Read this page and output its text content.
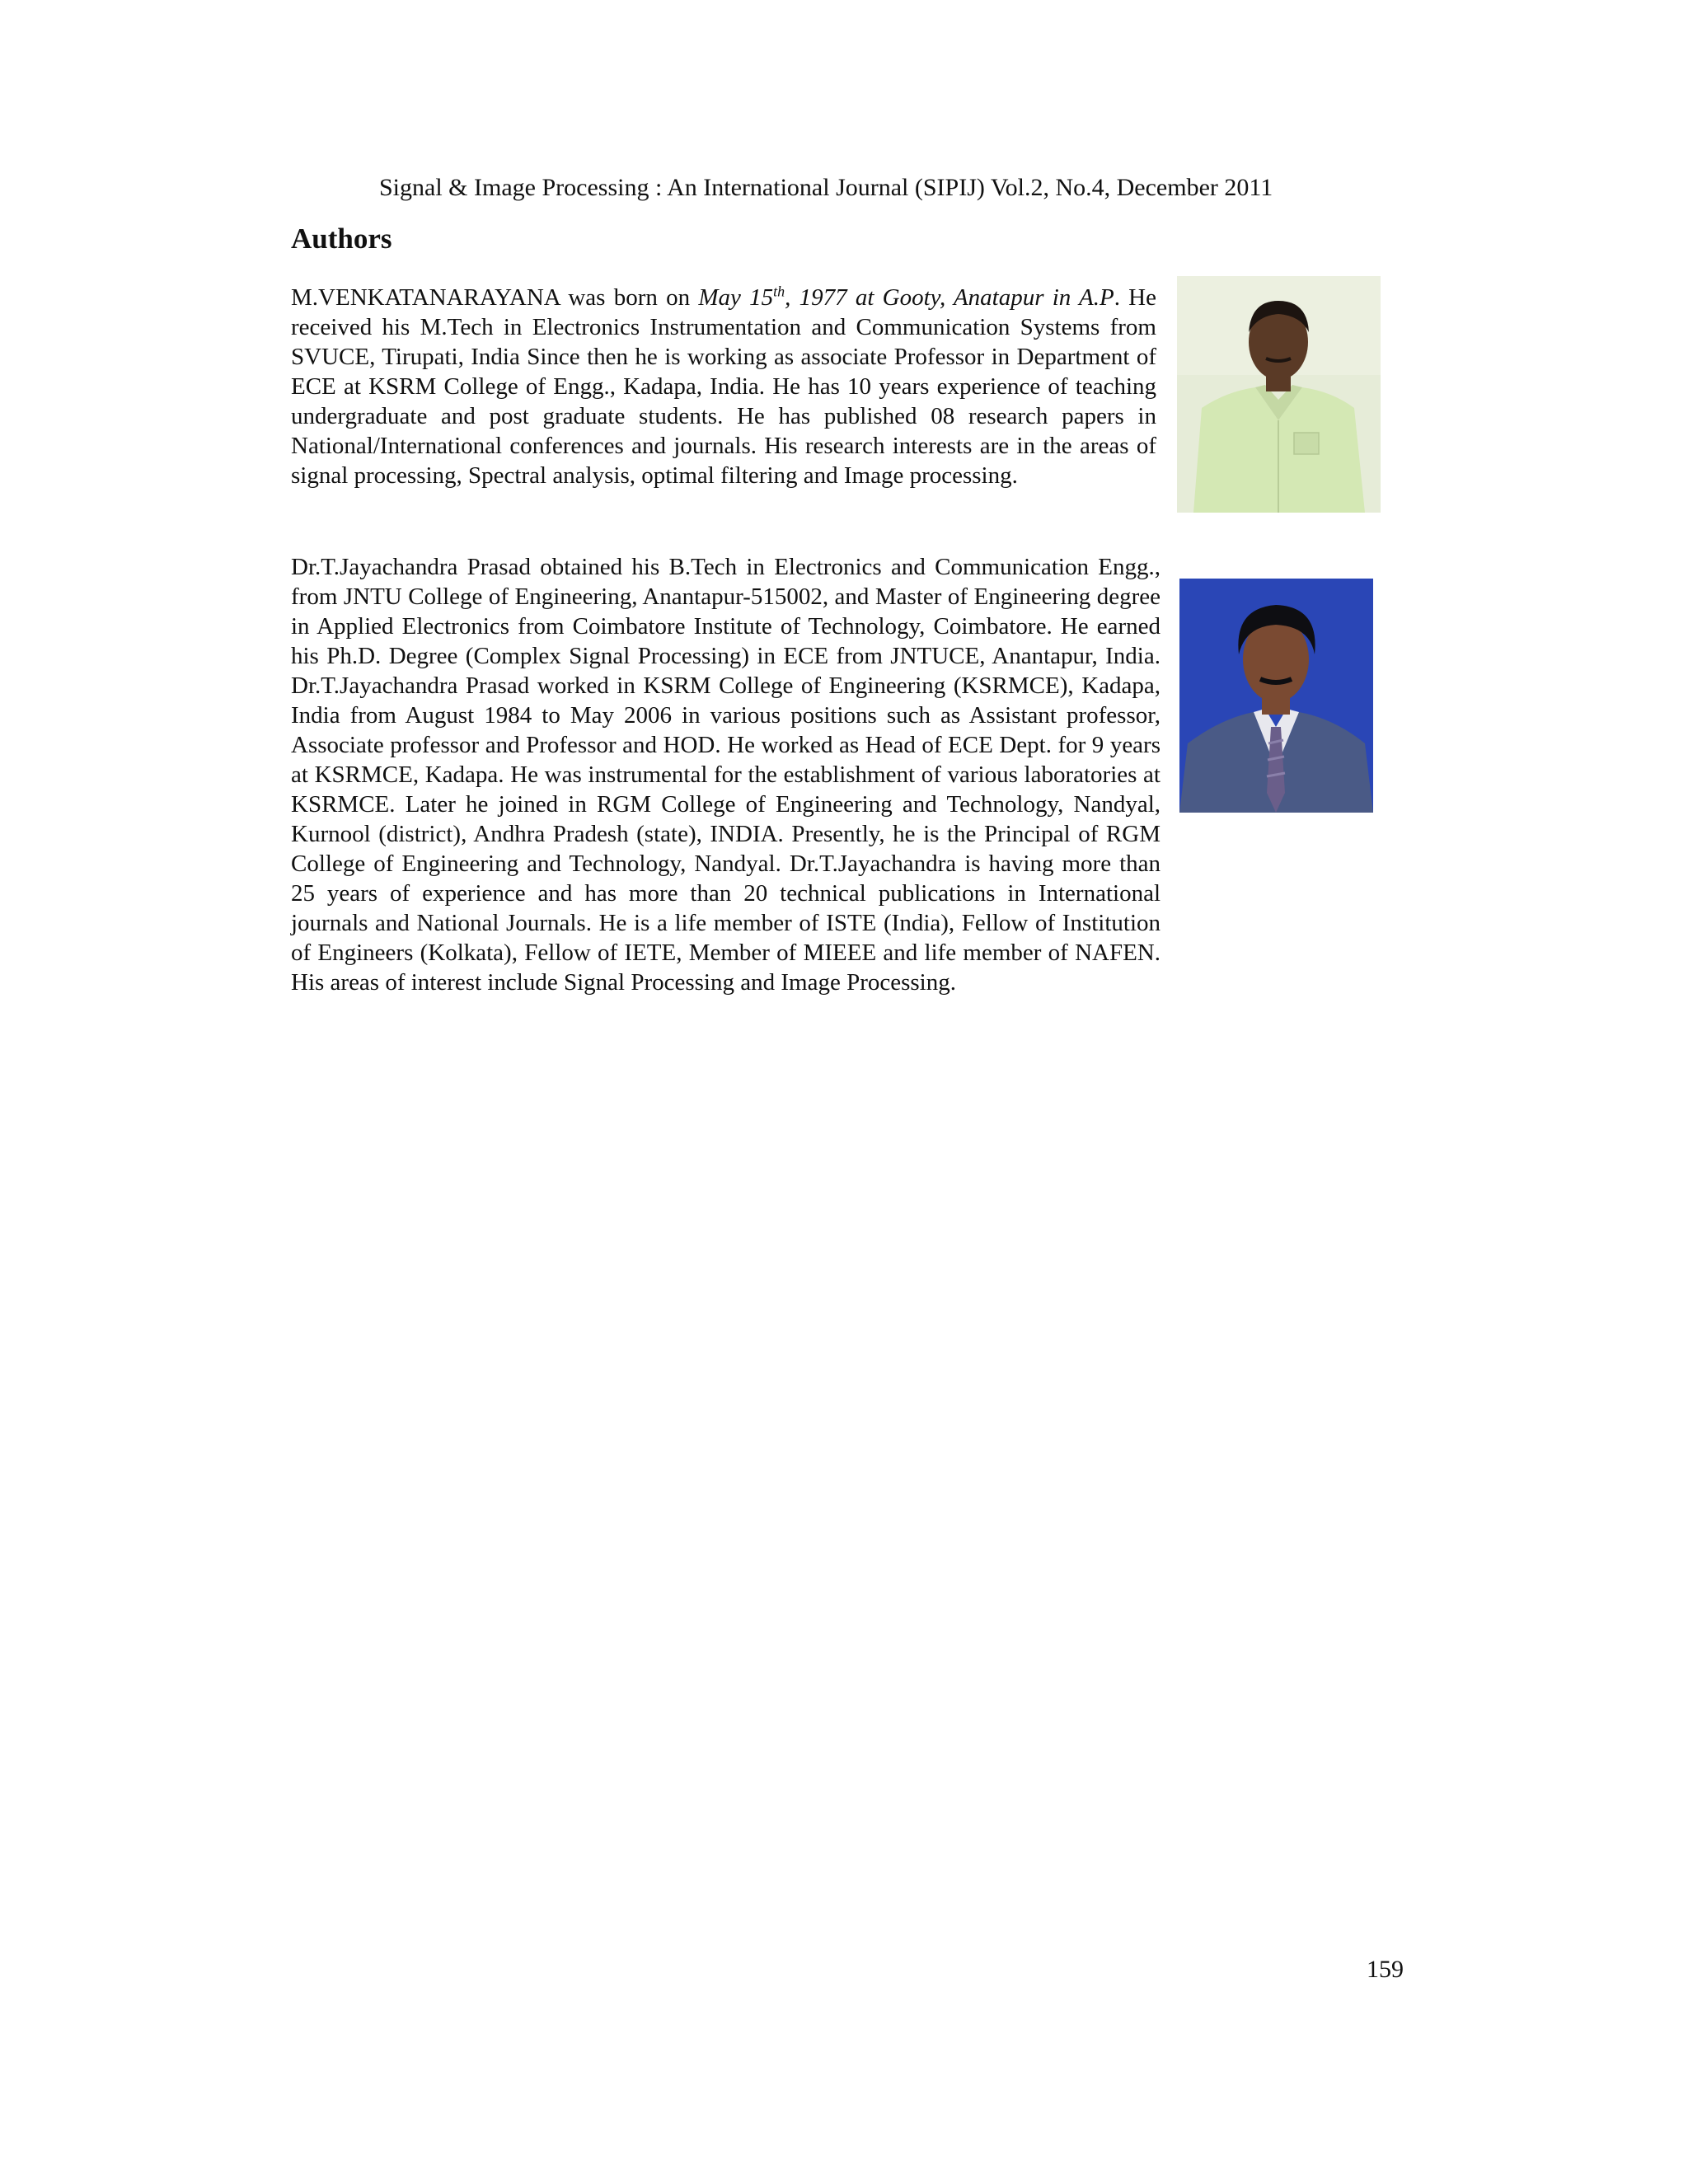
Signal & Image Processing : An International Journal (SIPIJ) Vol.2, No.4, December 2011
Authors

M.VENKATANARAYANA was born on May 15th, 1977 at Gooty, Anatapur in A.P. He received his M.Tech in Electronics Instrumentation and Communication Systems from SVUCE, Tirupati, India Since then he is working as associate Professor in Department of ECE at KSRM College of Engg., Kadapa, India. He has 10 years experience of teaching undergraduate and post graduate students. He has published 08 research papers in National/International conferences and journals. His research interests are in the areas of signal processing, Spectral analysis, optimal filtering and Image processing.

Dr.T.Jayachandra Prasad obtained his B.Tech in Electronics and Communication Engg., from JNTU College of Engineering, Anantapur-515002, and Master of Engineering degree in Applied Electronics from Coimbatore Institute of Technology, Coimbatore. He earned his Ph.D. Degree (Complex Signal Processing) in ECE from JNTUCE, Anantapur, India. Dr.T.Jayachandra Prasad worked in KSRM College of Engineering (KSRMCE), Kadapa, India from August 1984 to May 2006 in various positions such as Assistant professor, Associate professor and Professor and HOD. He worked as Head of ECE Dept. for 9 years at KSRMCE, Kadapa. He was instrumental for the establishment of various laboratories at KSRMCE. Later he joined in RGM College of Engineering and Technology, Nandyal, Kurnool (district), Andhra Pradesh (state), INDIA. Presently, he is the Principal of RGM College of Engineering and Technology, Nandyal. Dr.T.Jayachandra is having more than 25 years of experience and has more than 20 technical publications in International journals and National Journals. He is a life member of ISTE (India), Fellow of Institution of Engineers (Kolkata), Fellow of IETE, Member of MIEEE and life member of NAFEN. His areas of interest include Signal Processing and Image Processing.

159
